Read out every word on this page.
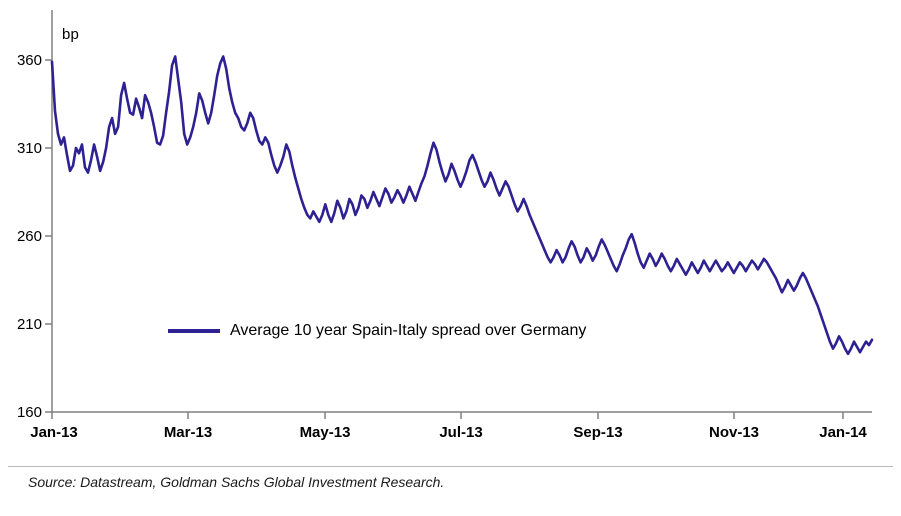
bp
360
310
260
210
160
Jan-13	Mar-13	May-13	Jul-13	Sep-13	Nov-13	Jan-14
Average 10 year Spain-Italy spread over Germany
Source: Datastream, Goldman Sachs Global Investment Research.
